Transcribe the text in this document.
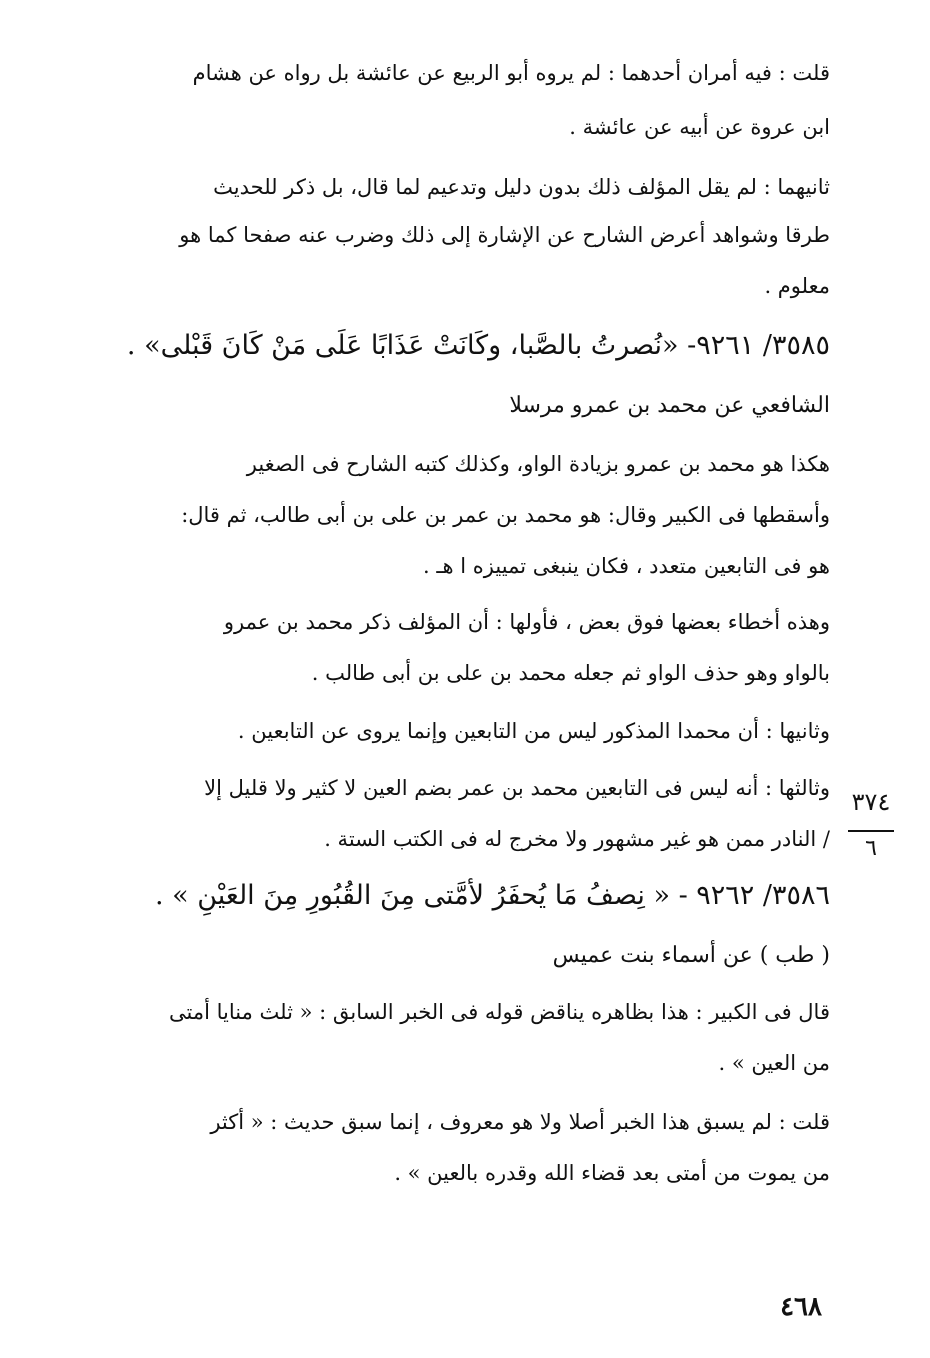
قلت : فيه أمران أحدهما : لم يروه أبو الربيع عن عائشة بل رواه عن هشام
ابن عروة عن أبيه عن عائشة .
ثانيهما : لم يقل المؤلف ذلك بدون دليل وتدعيم لما قال، بل ذكر للحديث
طرقا وشواهد أعرض الشارح عن الإشارة إلى ذلك وضرب عنه صفحا كما هو
معلوم .
٣٥٨٥/ ٩٢٦١- «نُصرتُ بالصَّبا، وكَانَتْ عَذَابًا عَلَى مَنْ كَانَ قَبْلى» .
الشافعي عن محمد بن عمرو مرسلا
هكذا هو محمد بن عمرو بزيادة الواو، وكذلك كتبه الشارح فى الصغير
وأسقطها فى الكبير وقال: هو محمد بن عمر بن على بن أبى طالب، ثم قال:
هو فى التابعين متعدد ، فكان ينبغى تمييزه ا هـ .
وهذه أخطاء بعضها فوق بعض ، فأولها : أن المؤلف ذكر محمد بن عمرو
بالواو وهو حذف الواو ثم جعله محمد بن على بن أبى طالب .
وثانيها : أن محمدا المذكور ليس من التابعين وإنما يروى عن التابعين .
وثالثها : أنه ليس فى التابعين محمد بن عمر بضم العين لا كثير ولا قليل إلا
/ النادر ممن هو غير مشهور ولا مخرج له فى الكتب الستة .
٣٥٨٦/ ٩٢٦٢ - « نِصفُ مَا يُحفَرُ لأمَّتى مِنَ القُبُورِ مِنَ العَيْنِ » .
( طب ) عن أسماء بنت عميس
قال فى الكبير : هذا بظاهره يناقض قوله فى الخبر السابق : « ثلث منايا أمتى
من العين » .
قلت : لم يسبق هذا الخبر أصلا ولا هو معروف ، إنما سبق حديث : « أكثر
من يموت من أمتى بعد قضاء الله وقدره بالعين » .
٣٧٤
٦
٤٦٨
